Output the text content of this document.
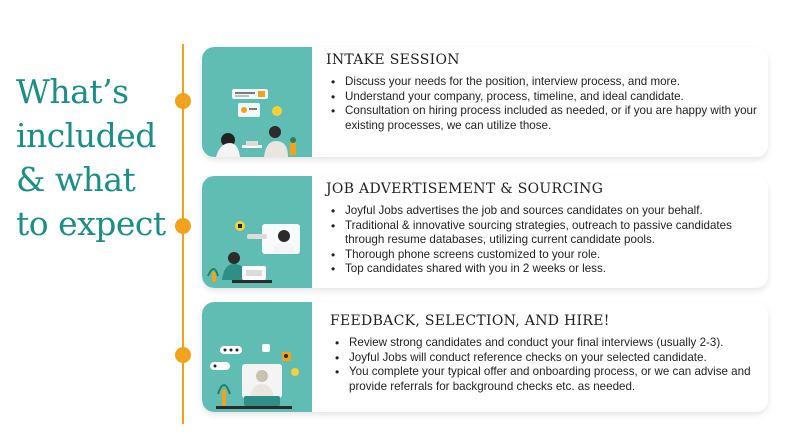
What’s
included
& what
to expect
INTAKE SESSION
• Discuss your needs for the position, interview process, and more.
• Understand your company, process, timeline, and ideal candidate.
• Consultation on hiring process included as needed, or if you are happy with your existing processes, we can utilize those.
JOB ADVERTISEMENT & SOURCING
• Joyful Jobs advertises the job and sources candidates on your behalf.
• Traditional & innovative sourcing strategies, outreach to passive candidates through resume databases, utilizing current candidate pools.
• Thorough phone screens customized to your role.
• Top candidates shared with you in 2 weeks or less.
FEEDBACK, SELECTION, AND HIRE!
• Review strong candidates and conduct your final interviews (usually 2-3).
• Joyful Jobs will conduct reference checks on your selected candidate.
• You complete your typical offer and onboarding process, or we can advise and provide referrals for background checks etc. as needed.
